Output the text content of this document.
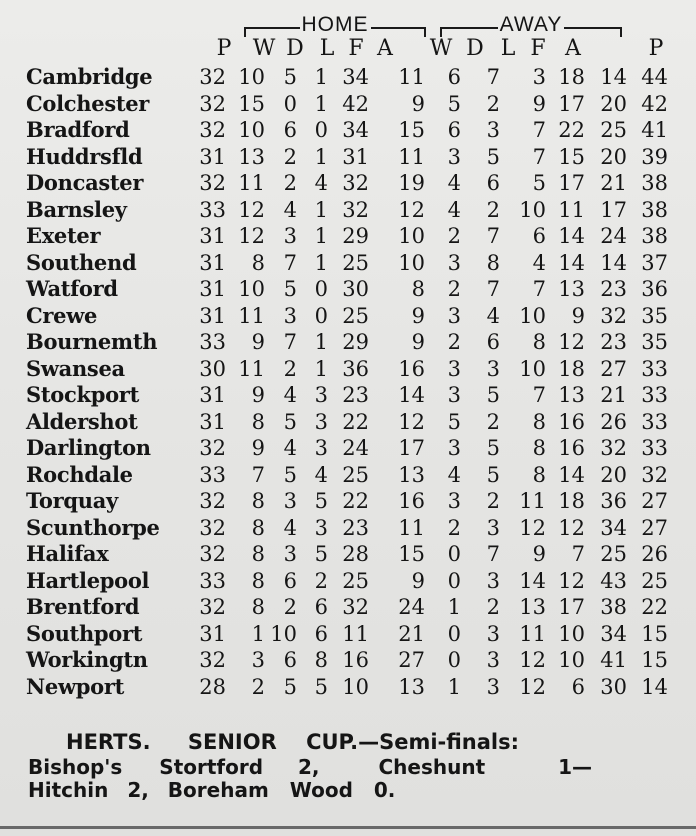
HOME	AWAY
P W D L F A	W D L F A	P
Cambridge 32 10 5 1 34 11 6 7 3 18 14 44
Colchester 32 15 0 1 42 9 5 2 9 17 20 42
Bradford	32 10 6 0 34 15 6 3 7 22 25 41
Huddrsfld	31 13 2 1 31 11 3 5 7 15 20 39
Doncaster	32 11 2 4 32 19 4 6 5 17 21 38
Barnsley	33 12 4 1 32 12 4 2 10 11 17 38
Exeter	31 12 3 1 29 10 2 7 6 14 24 38
Southend	31 8 7 1 25 10 3 8 4 14 14 37
Watford	31 10 5 0 30 8 2 7 7 13 23 36
Crewe	31 11 3 0 25 9 3 4 10 9 32 35
Bournemth 33 9 7 1 29 9 2 6 8 12 23 35
Swansea	30 11 2 1 36 16 3 3 10 18 27 33
Stockport	31 9 4 3 23 14 3 5 7 13 21 33
Aldershot	31 8 5 3 22 12 5 2 8 16 26 33
Darlington 32 9 4 3 24 17 3 5 8 16 32 33
Rochdale	33 7 5 4 25 13 4 5 8 14 20 32
Torquay	32 8 3 5 22 16 3 2 11 18 36 27
Scunthorpe 32 8 4 3 23 11 2 3 12 12 34 27
Halifax	32 8 3 5 28 15 0 7 9 7 25 26
Hartlepool 33 8 6 2 25 9 0 3 14 12 43 25
Brentford	32 8 2 6 32 24 1 2 13 17 38 22
Southport	31 1 10 6 11 21 0 3 11 10 34 15
Workingtn 32 3 6 8 16 27 0 3 12 10 41 15
Newport	28 2 5 5 10 13 1 3 12 6 30 14
HERTS. SENIOR CUP.—Semi-finals:
Bishop's Stortford 2,	Cheshunt	1—
Hitchin 2, Boreham Wood 0.
